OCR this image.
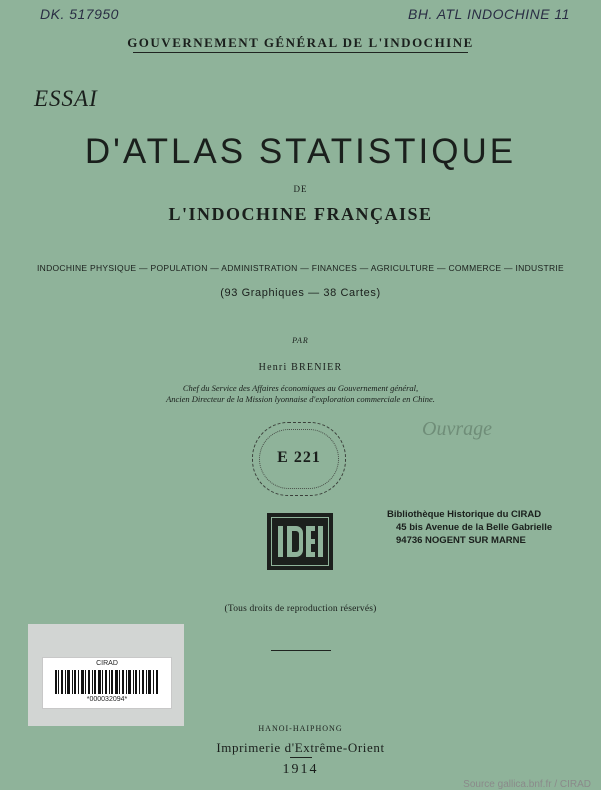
DK. 517950	BH. ATL INDOCHINE 11
GOUVERNEMENT GÉNÉRAL DE L'INDOCHINE
ESSAI
D'ATLAS STATISTIQUE
DE
L'INDOCHINE FRANÇAISE
INDOCHINE PHYSIQUE — POPULATION — ADMINISTRATION — FINANCES — AGRICULTURE — COMMERCE — INDUSTRIE
(93 Graphiques — 38 Cartes)
PAR
Henri BRENIER
Chef du Service des Affaires économiques au Gouvernement général,
Ancien Directeur de la Mission lyonnaise d'exploration commerciale en Chine.
E 221
Ouvrage
Bibliothèque Historique du CIRAD
45 bis Avenue de la Belle Gabrielle
94736 NOGENT SUR MARNE
(Tous droits de reproduction réservés)
CIRAD
*000032094*
HANOI-HAIPHONG
Imprimerie d'Extrême-Orient
1914
Source gallica.bnf.fr / CIRAD
